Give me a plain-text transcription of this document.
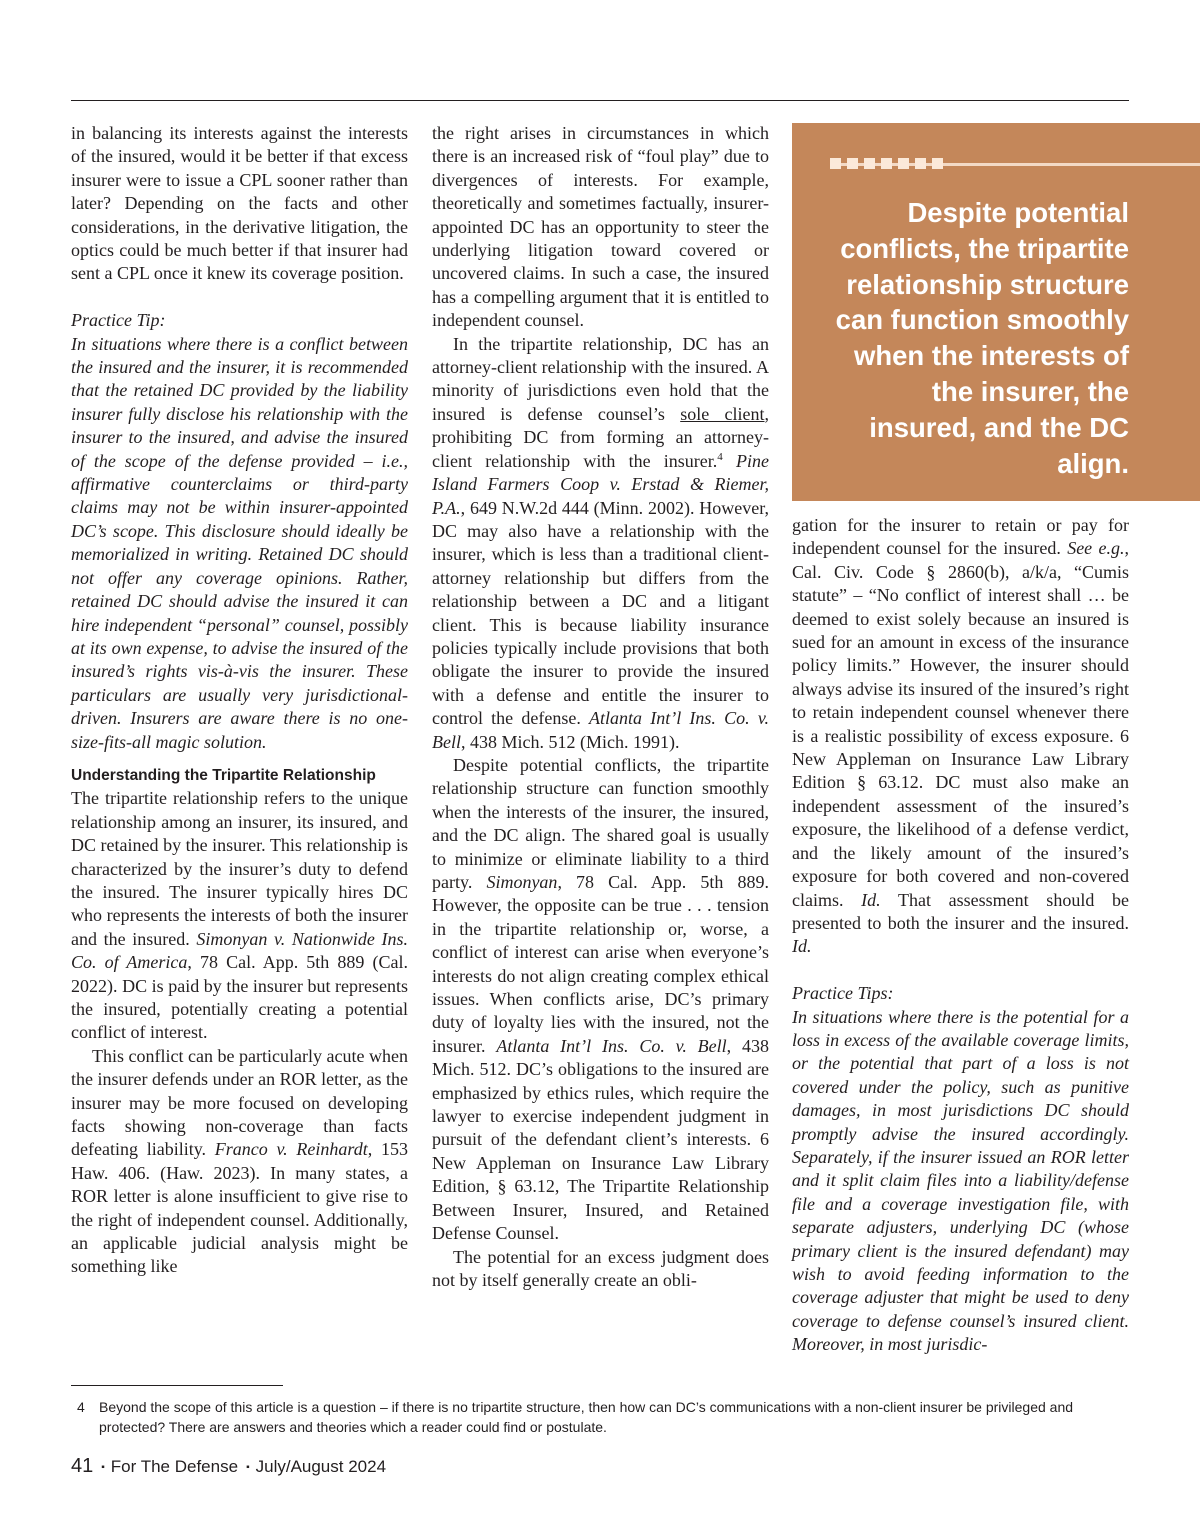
in balancing its interests against the interests of the insured, would it be better if that excess insurer were to issue a CPL sooner rather than later? Depending on the facts and other considerations, in the derivative litigation, the optics could be much better if that insurer had sent a CPL once it knew its coverage position.

Practice Tip:

In situations where there is a conflict between the insured and the insurer, it is recommended that the retained DC provided by the liability insurer fully disclose his relationship with the insurer to the insured, and advise the insured of the scope of the defense provided – i.e., affirmative counterclaims or third-party claims may not be within insurer-appointed DC’s scope. This disclosure should ideally be memorialized in writing. Retained DC should not offer any coverage opinions. Rather, retained DC should advise the insured it can hire independent “personal” counsel, possibly at its own expense, to advise the insured of the insured’s rights vis-à-vis the insurer. These particulars are usually very jurisdictional-driven. Insurers are aware there is no one-size-fits-all magic solution.

Understanding the Tripartite Relationship

The tripartite relationship refers to the unique relationship among an insurer, its insured, and DC retained by the insurer. This relationship is characterized by the insurer’s duty to defend the insured. The insurer typically hires DC who represents the interests of both the insurer and the insured. Simonyan v. Nationwide Ins. Co. of America, 78 Cal. App. 5th 889 (Cal. 2022). DC is paid by the insurer but represents the insured, potentially creating a potential conflict of interest.

This conflict can be particularly acute when the insurer defends under an ROR letter, as the insurer may be more focused on developing facts showing non-coverage than facts defeating liability. Franco v. Reinhardt, 153 Haw. 406. (Haw. 2023). In many states, a ROR letter is alone insufficient to give rise to the right of independent counsel. Additionally, an applicable judicial analysis might be something like

the right arises in circumstances in which there is an increased risk of “foul play” due to divergences of interests. For example, theoretically and sometimes factually, insurer-appointed DC has an opportunity to steer the underlying litigation toward covered or uncovered claims. In such a case, the insured has a compelling argument that it is entitled to independent counsel.

In the tripartite relationship, DC has an attorney-client relationship with the insured. A minority of jurisdictions even hold that the insured is defense counsel’s sole client, prohibiting DC from forming an attorney-client relationship with the insurer.$^4$ Pine Island Farmers Coop v. Erstad & Riemer, P.A., 649 N.W.2d 444 (Minn. 2002). However, DC may also have a relationship with the insurer, which is less than a traditional client-attorney relationship but differs from the relationship between a DC and a litigant client. This is because liability insurance policies typically include provisions that both obligate the insurer to provide the insured with a defense and entitle the insurer to control the defense. Atlanta Int’l Ins. Co. v. Bell, 438 Mich. 512 (Mich. 1991).

Despite potential conflicts, the tripartite relationship structure can function smoothly when the interests of the insurer, the insured, and the DC align. The shared goal is usually to minimize or eliminate liability to a third party. Simonyan, 78 Cal. App. 5th 889. However, the opposite can be true . . . tension in the tripartite relationship or, worse, a conflict of interest can arise when everyone’s interests do not align creating complex ethical issues. When conflicts arise, DC’s primary duty of loyalty lies with the insured, not the insurer. Atlanta Int’l Ins. Co. v. Bell, 438 Mich. 512. DC’s obligations to the insured are emphasized by ethics rules, which require the lawyer to exercise independent judgment in pursuit of the defendant client’s interests. 6 New Appleman on Insurance Law Library Edition, § 63.12, The Tripartite Relationship Between Insurer, Insured, and Retained Defense Counsel.

The potential for an excess judgment does not by itself generally create an obli-

Despite potential conflicts, the tripartite relationship structure can function smoothly when the interests of the insurer, the insured, and the DC align.

gation for the insurer to retain or pay for independent counsel for the insured. See e.g., Cal. Civ. Code § 2860(b), a/k/a, “Cumis statute” – “No conflict of interest shall … be deemed to exist solely because an insured is sued for an amount in excess of the insurance policy limits.” However, the insurer should always advise its insured of the insured’s right to retain independent counsel whenever there is a realistic possibility of excess exposure. 6 New Appleman on Insurance Law Library Edition § 63.12. DC must also make an independent assessment of the insured’s exposure, the likelihood of a defense verdict, and the likely amount of the insured’s exposure for both covered and non-covered claims. Id. That assessment should be presented to both the insurer and the insured. Id.

Practice Tips:

In situations where there is the potential for a loss in excess of the available coverage limits, or the potential that part of a loss is not covered under the policy, such as punitive damages, in most jurisdictions DC should promptly advise the insured accordingly. Separately, if the insurer issued an ROR letter and it split claim files into a liability/defense file and a coverage investigation file, with separate adjusters, underlying DC (whose primary client is the insured defendant) may wish to avoid feeding information to the coverage adjuster that might be used to deny coverage to defense counsel’s insured client. Moreover, in most jurisdic-

4 Beyond the scope of this article is a question – if there is no tripartite structure, then how can DC’s communications with a non-client insurer be privileged and protected? There are answers and theories which a reader could find or postulate.
41 ▪ For The Defense ▪ July/August 2024
